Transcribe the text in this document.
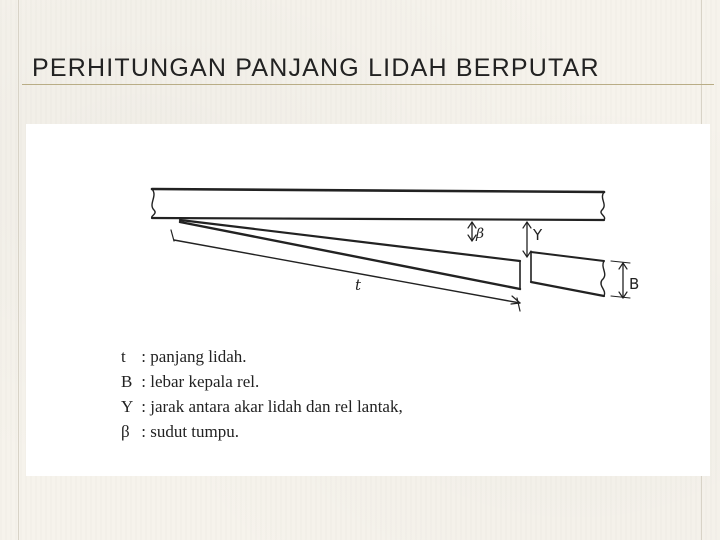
PERHITUNGAN PANJANG LIDAH BERPUTAR
β	Y
t	B
t : panjang lidah.
B : lebar kepala rel.
Y : jarak antara akar lidah dan rel lantak,
β : sudut tumpu.
